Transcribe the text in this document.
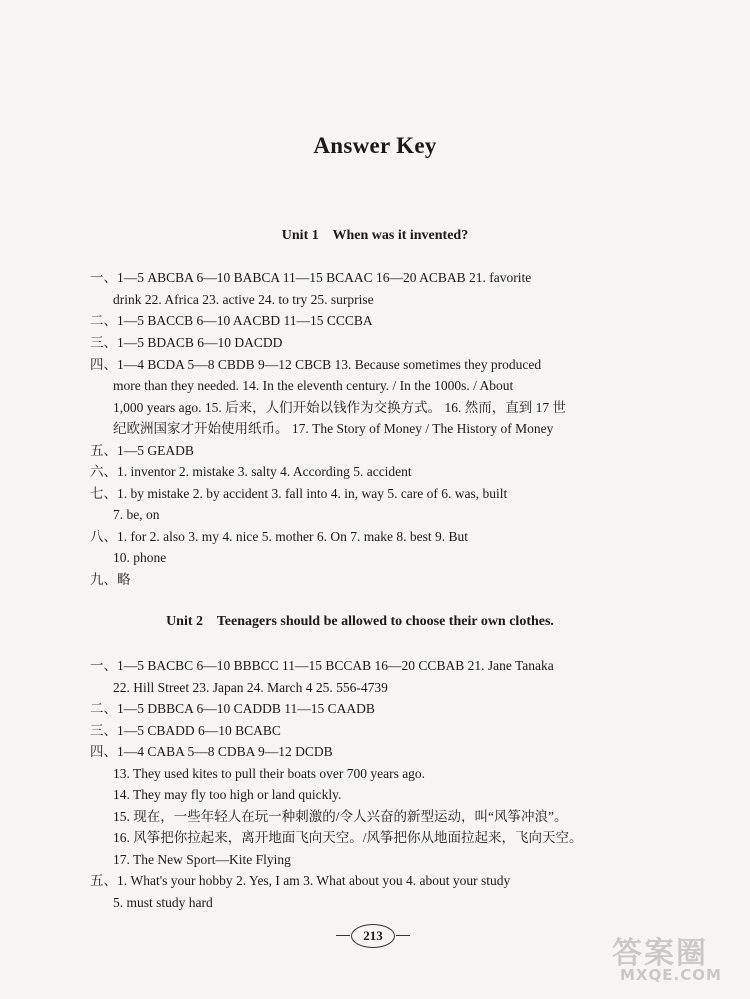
Answer Key
Unit 1    When was it invented?
一、1—5 ABCBA 6—10 BABCA 11—15 BCAAC 16—20 ACBAB 21. favorite
drink 22. Africa 23. active 24. to try 25. surprise
二、1—5 BACCB 6—10 AACBD 11—15 CCCBA
三、1—5 BDACB 6—10 DACDD
四、1—4 BCDA 5—8 CBDB 9—12 CBCB 13. Because sometimes they produced
more than they needed. 14. In the eleventh century. / In the 1000s. / About
1,000 years ago. 15. 后来，人们开始以钱作为交换方式。 16. 然而，直到 17 世
纪欧洲国家才开始使用纸币。 17. The Story of Money / The History of Money
五、1—5 GEADB
六、1. inventor 2. mistake 3. salty 4. According 5. accident
七、1. by mistake 2. by accident 3. fall into 4. in, way 5. care of 6. was, built
7. be, on
八、1. for 2. also 3. my 4. nice 5. mother 6. On 7. make 8. best 9. But
10. phone
九、略
Unit 2    Teenagers should be allowed to choose their own clothes.
一、1—5 BACBC 6—10 BBBCC 11—15 BCCAB 16—20 CCBAB 21. Jane Tanaka
22. Hill Street 23. Japan 24. March 4 25. 556-4739
二、1—5 DBBCA 6—10 CADDB 11—15 CAADB
三、1—5 CBADD 6—10 BCABC
四、1—4 CABA 5—8 CDBA 9—12 DCDB
13. They used kites to pull their boats over 700 years ago.
14. They may fly too high or land quickly.
15. 现在，一些年轻人在玩一种刺激的/令人兴奋的新型运动，叫“风筝冲浪”。
16. 风筝把你拉起来，离开地面飞向天空。/风筝把你从地面拉起来，飞向天空。
17. The New Sport—Kite Flying
五、1. What's your hobby 2. Yes, I am 3. What about you 4. about your study
5. must study hard
213
答案圈
MXQE.COM
